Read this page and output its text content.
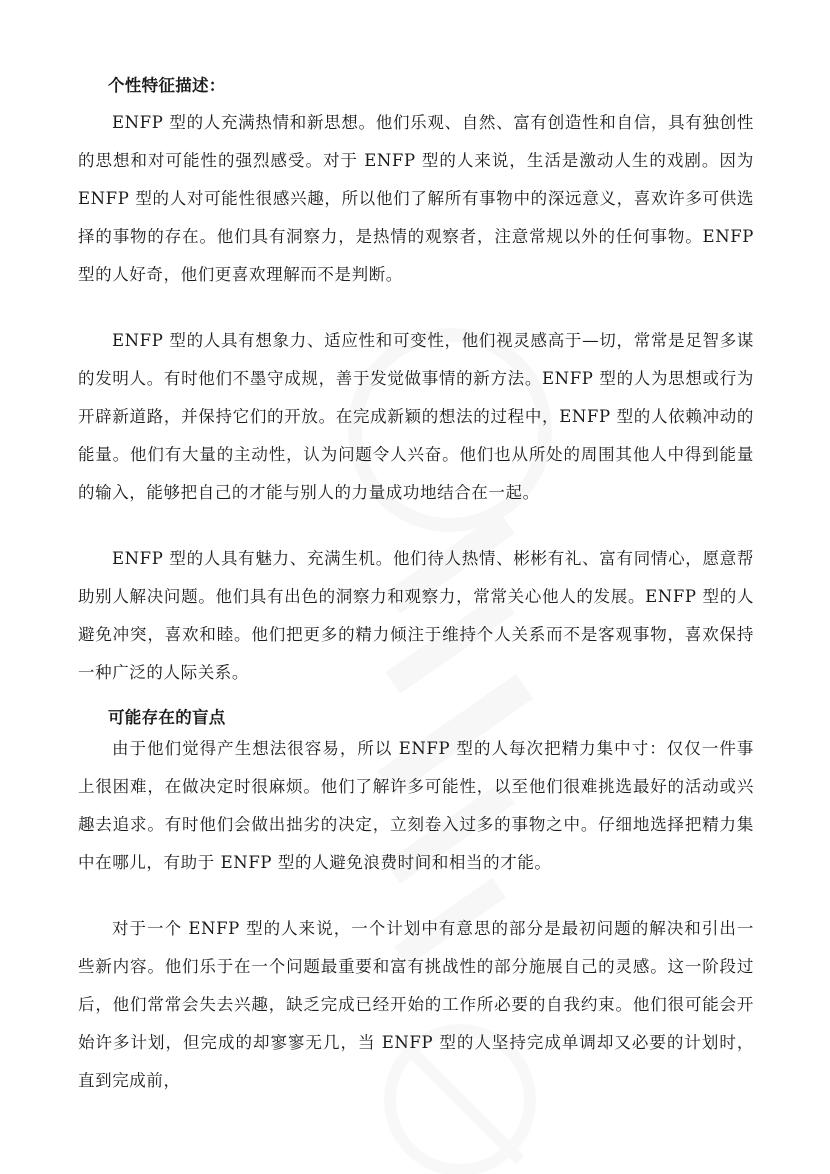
个性特征描述：

ENFP 型的人充满热情和新思想。他们乐观、自然、富有创造性和自信，具有独创性的思想和对可能性的强烈感受。对于 ENFP 型的人来说，生活是激动人生的戏剧。因为 ENFP 型的人对可能性很感兴趣，所以他们了解所有事物中的深远意义，喜欢许多可供选择的事物的存在。他们具有洞察力，是热情的观察者，注意常规以外的任何事物。ENFP 型的人好奇，他们更喜欢理解而不是判断。

ENFP 型的人具有想象力、适应性和可变性，他们视灵感高于—切，常常是足智多谋的发明人。有时他们不墨守成规，善于发觉做事情的新方法。ENFP 型的人为思想或行为开辟新道路，并保持它们的开放。在完成新颖的想法的过程中，ENFP 型的人依赖冲动的能量。他们有大量的主动性，认为问题令人兴奋。他们也从所处的周围其他人中得到能量的输入，能够把自己的才能与别人的力量成功地结合在一起。

ENFP 型的人具有魅力、充满生机。他们待人热情、彬彬有礼、富有同情心，愿意帮助别人解决问题。他们具有出色的洞察力和观察力，常常关心他人的发展。ENFP 型的人避免冲突，喜欢和睦。他们把更多的精力倾注于维持个人关系而不是客观事物，喜欢保持一种广泛的人际关系。

可能存在的盲点

由于他们觉得产生想法很容易，所以 ENFP 型的人每次把精力集中寸：仅仅一件事上很困难，在做决定时很麻烦。他们了解许多可能性，以至他们很难挑选最好的活动或兴趣去追求。有时他们会做出拙劣的决定，立刻卷入过多的事物之中。仔细地选择把精力集中在哪儿，有助于 ENFP 型的人避免浪费时间和相当的才能。

对于一个 ENFP 型的人来说，一个计划中有意思的部分是最初问题的解决和引出一些新内容。他们乐于在一个问题最重要和富有挑战性的部分施展自己的灵感。这一阶段过后，他们常常会失去兴趣，缺乏完成已经开始的工作所必要的自我约束。他们很可能会开始许多计划，但完成的却寥寥无几，当 ENFP 型的人坚持完成单调却又必要的计划时，直到完成前，
